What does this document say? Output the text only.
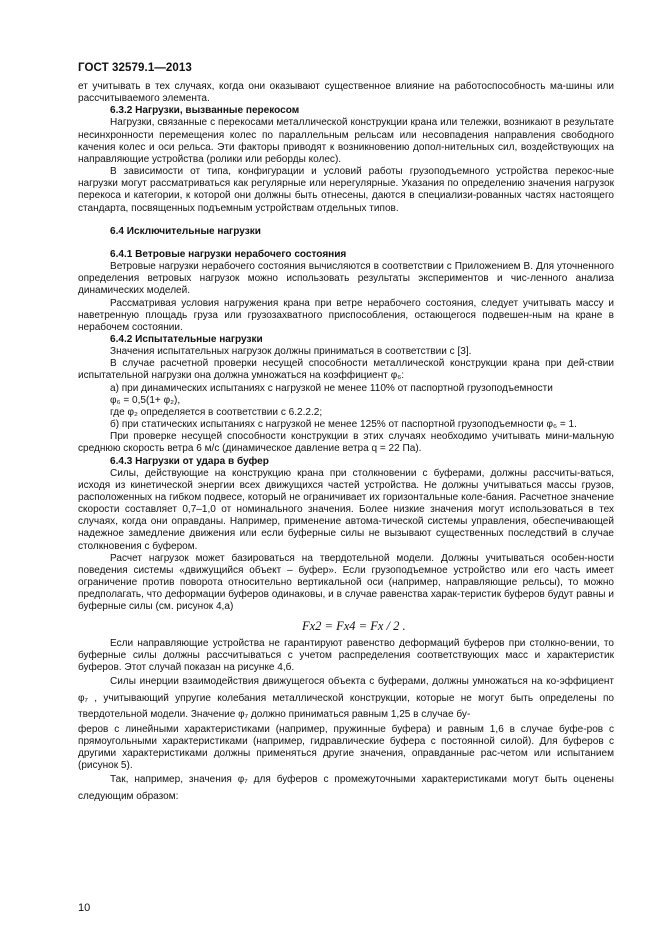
ГОСТ 32579.1—2013

ет учитывать в тех случаях, когда они оказывают существенное влияние на работоспособность ма-шины или рассчитываемого элемента.

6.3.2 Нагрузки, вызванные перекосом

Нагрузки, связанные с перекосами металлической конструкции крана или тележки, возникают в результате несинхронности перемещения колес по параллельным рельсам или несовпадения направления свободного качения колес и оси рельса. Эти факторы приводят к возникновению допол-нительных сил, воздействующих на направляющие устройства (ролики или реборды колес).

В зависимости от типа, конфигурации и условий работы грузоподъемного устройства перекос-ные нагрузки могут рассматриваться как регулярные или нерегулярные. Указания по определению значения нагрузок перекоса и категории, к которой они должны быть отнесены, даются в специализи-рованных частях настоящего стандарта, посвященных подъемным устройствам отдельных типов.

6.4 Исключительные нагрузки

6.4.1 Ветровые нагрузки нерабочего состояния

Ветровые нагрузки нерабочего состояния вычисляются в соответствии с Приложением В. Для уточненного определения ветровых нагрузок можно использовать результаты экспериментов и чис-ленного анализа динамических моделей.

Рассматривая условия нагружения крана при ветре нерабочего состояния, следует учитывать массу и наветренную площадь груза или грузозахватного приспособления, остающегося подвешен-ным на кране в нерабочем состоянии.

6.4.2 Испытательные нагрузки

Значения испытательных нагрузок должны приниматься в соответствии с [3].

В случае расчетной проверки несущей способности металлической конструкции крана при дей-ствии испытательной нагрузки она должна умножаться на коэффициент φ₆:

а) при динамических испытаниях с нагрузкой не менее 110% от паспортной грузоподъемности

φ₆ = 0,5(1+ φ₂),

где φ₂ определяется в соответствии с 6.2.2.2;

б) при статических испытаниях с нагрузкой не менее 125% от паспортной грузоподъемности φ₆ = 1.

При проверке несущей способности конструкции в этих случаях необходимо учитывать мини-мальную среднюю скорость ветра 6 м/с (динамическое давление ветра q = 22 Па).

6.4.3 Нагрузки от удара в буфер

Силы, действующие на конструкцию крана при столкновении с буферами, должны рассчиты-ваться, исходя из кинетической энергии всех движущихся частей устройства. Не должны учитываться массы грузов, расположенных на гибком подвесе, который не ограничивает их горизонтальные коле-бания. Расчетное значение скорости составляет 0,7–1,0 от номинального значения. Более низкие значения могут использоваться в тех случаях, когда они оправданы. Например, применение автома-тической системы управления, обеспечивающей надежное замедление движения или если буферные силы не вызывают существенных последствий в случае столкновения с буфером.

Расчет нагрузок может базироваться на твердотельной модели. Должны учитываться особен-ности поведения системы «движущийся объект – буфер». Если грузоподъемное устройство или его часть имеет ограничение против поворота относительно вертикальной оси (например, направляющие рельсы), то можно предполагать, что деформации буферов одинаковы, и в случае равенства харак-теристик буферов будут равны и буферные силы (см. рисунок 4,а)

Fx2 = Fx4 = Fx / 2 .

Если направляющие устройства не гарантируют равенство деформаций буферов при столкно-вении, то буферные силы должны рассчитываться с учетом распределения соответствующих масс и характеристик буферов. Этот случай показан на рисунке 4,б.

Силы инерции взаимодействия движущегося объекта с буферами, должны умножаться на ко-эффициент φ₇ , учитывающий упругие колебания металлической конструкции, которые не могут быть определены по твердотельной модели. Значение φ₇ должно приниматься равным 1,25 в случае бу-

феров с линейными характеристиками (например, пружинные буфера) и равным 1,6 в случае буфе-ров с прямоугольными характеристиками (например, гидравлические буфера с постоянной силой). Для буферов с другими характеристиками должны применяться другие значения, оправданные рас-четом или испытанием (рисунок 5).

Так, например, значения φ₇ для буферов с промежуточными характеристиками могут быть оценены следующим образом:

10
